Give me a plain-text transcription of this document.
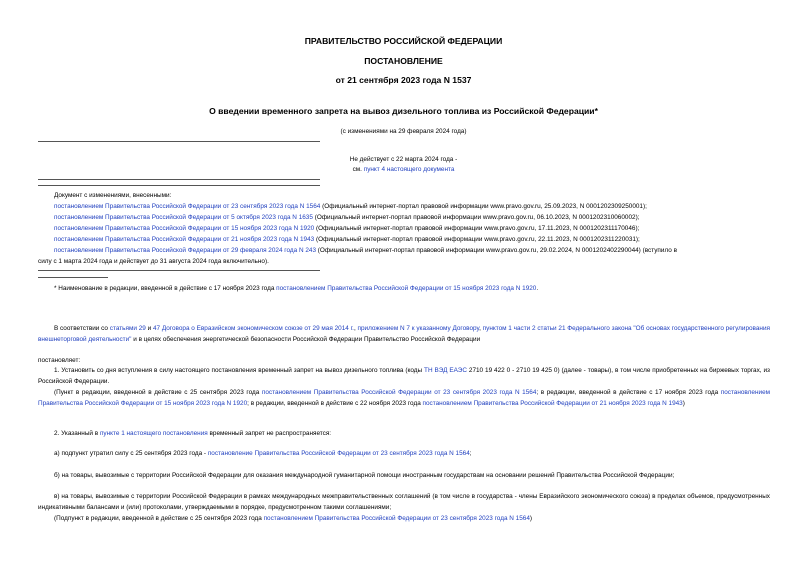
ПРАВИТЕЛЬСТВО РОССИЙСКОЙ ФЕДЕРАЦИИ
ПОСТАНОВЛЕНИЕ
от 21 сентября 2023 года N 1537
О введении временного запрета на вывоз дизельного топлива из Российской Федерации*
(с изменениями на 29 февраля 2024 года)
Не действует с 22 марта 2024 года -
см. пункт 4 настоящего документа
Документ с изменениями, внесенными:
постановлением Правительства Российской Федерации от 23 сентября 2023 года N 1564 (Официальный интернет-портал правовой информации www.pravo.gov.ru, 25.09.2023, N 0001202309250001);
постановлением Правительства Российской Федерации от 5 октября 2023 года N 1635 (Официальный интернет-портал правовой информации www.pravo.gov.ru, 06.10.2023, N 0001202310060002);
постановлением Правительства Российской Федерации от 15 ноября 2023 года N 1920 (Официальный интернет-портал правовой информации www.pravo.gov.ru, 17.11.2023, N 0001202311170046);
постановлением Правительства Российской Федерации от 21 ноября 2023 года N 1943 (Официальный интернет-портал правовой информации www.pravo.gov.ru, 22.11.2023, N 0001202311220031);
постановлением Правительства Российской Федерации от 29 февраля 2024 года N 243 (Официальный интернет-портал правовой информации www.pravo.gov.ru, 29.02.2024, N 0001202402290044) (вступило в
силу с 1 марта 2024 года и действует до 31 августа 2024 года включительно).
* Наименование в редакции, введенной в действие с 17 ноября 2023 года постановлением Правительства Российской Федерации от 15 ноября 2023 года N 1920.
В соответствии со статьями 29 и 47 Договора о Евразийском экономическом союзе от 29 мая 2014 г., приложением N 7 к указанному Договору, пунктом 1 части 2 статьи 21 Федерального закона "Об основах государственного регулирования внешнеторговой деятельности" и в целях обеспечения энергетической безопасности Российской Федерации Правительство Российской Федерации
постановляет:
1. Установить со дня вступления в силу настоящего постановления временный запрет на вывоз дизельного топлива (коды ТН ВЭД ЕАЭС 2710 19 422 0 - 2710 19 425 0) (далее - товары), в том числе приобретенных на биржевых торгах, из Российской Федерации.
(Пункт в редакции, введенной в действие с 25 сентября 2023 года постановлением Правительства Российской Федерации от 23 сентября 2023 года N 1564; в редакции, введенной в действие с 17 ноября 2023 года постановлением Правительства Российской Федерации от 15 ноября 2023 года N 1920; в редакции, введенной в действие с 22 ноября 2023 года постановлением Правительства Российской Федерации от 21 ноября 2023 года N 1943)
2. Указанный в пункте 1 настоящего постановления временный запрет не распространяется:
а) подпункт утратил силу с 25 сентября 2023 года - постановление Правительства Российской Федерации от 23 сентября 2023 года N 1564;
б) на товары, вывозимые с территории Российской Федерации для оказания международной гуманитарной помощи иностранным государствам на основании решений Правительства Российской Федерации;
в) на товары, вывозимые с территории Российской Федерации в рамках международных межправительственных соглашений (в том числе в государства - члены Евразийского экономического союза) в пределах объемов, предусмотренных индикативными балансами и (или) протоколами, утверждаемыми в порядке, предусмотренном такими соглашениями;
(Подпункт в редакции, введенной в действие с 25 сентября 2023 года постановлением Правительства Российской Федерации от 23 сентября 2023 года N 1564)
